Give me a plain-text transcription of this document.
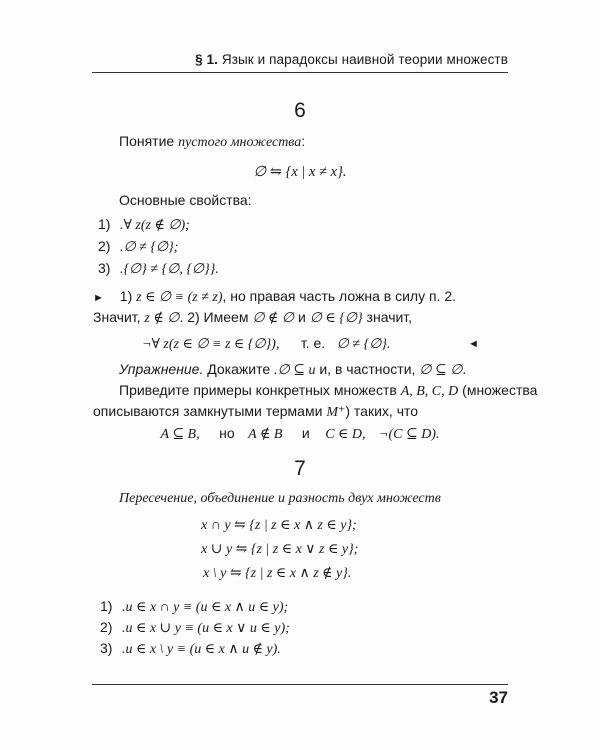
§ 1. Язык и парадоксы наивной теории множеств
6
Понятие пустого множества:
∅ ⇋ {x | x ≠ x}.
Основные свойства:
1) .∀ z(z ∉ ∅);
2) .∅ ≠ {∅};
3) .{∅} ≠ {∅, {∅}}.
► 1) z ∈ ∅ ≡ (z ≠ z), но правая часть ложна в силу п. 2.
Значит, z ∉ ∅. 2) Имеем ∅ ∉ ∅ и ∅ ∈ {∅} значит,
¬∀ z(z ∈ ∅ ≡ z ∈ {∅}), т. е. ∅ ≠ {∅}.	◄
Упражнение. Докажите .∅ ⊆ u и, в частности, ∅ ⊆ ∅.
Приведите примеры конкретных множеств A, B, C, D (множества
описываются замкнутыми термами M⁺) таких, что
A ⊆ B, но A ∉ B и C ∈ D, ¬(C ⊆ D).
7
Пересечение, объединение и разность двух множеств
x ∩ y ⇋ {z | z ∈ x ∧ z ∈ y};
x ∪ y ⇋ {z | z ∈ x ∨ z ∈ y};
x \ y ⇋ {z | z ∈ x ∧ z ∉ y}.
1) .u ∈ x ∩ y ≡ (u ∈ x ∧ u ∈ y);
2) .u ∈ x ∪ y ≡ (u ∈ x ∨ u ∈ y);
3) .u ∈ x \ y ≡ (u ∈ x ∧ u ∉ y).
37
